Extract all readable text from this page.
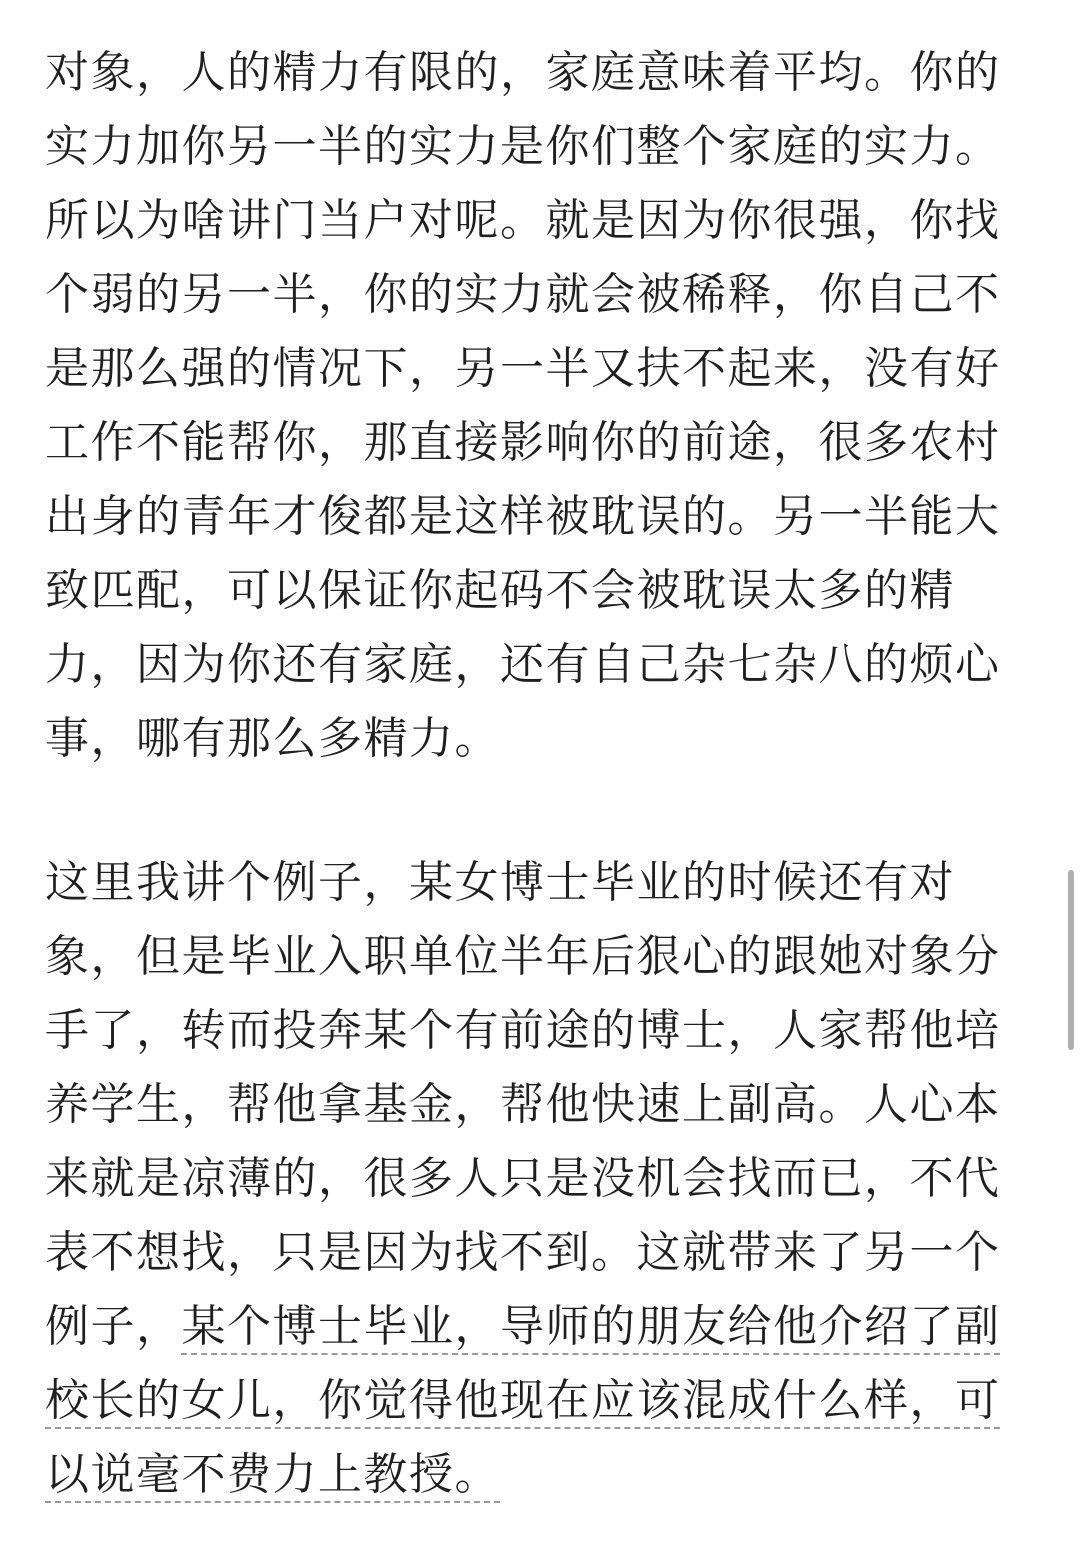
对象，人的精力有限的，家庭意味着平均。你的
实力加你另一半的实力是你们整个家庭的实力。
所以为啥讲门当户对呢。就是因为你很强，你找
个弱的另一半，你的实力就会被稀释，你自己不
是那么强的情况下，另一半又扶不起来，没有好
工作不能帮你，那直接影响你的前途，很多农村
出身的青年才俊都是这样被耽误的。另一半能大
致匹配，可以保证你起码不会被耽误太多的精
力，因为你还有家庭，还有自己杂七杂八的烦心
事，哪有那么多精力。
这里我讲个例子，某女博士毕业的时候还有对
象，但是毕业入职单位半年后狠心的跟她对象分
手了，转而投奔某个有前途的博士，人家帮他培
养学生，帮他拿基金，帮他快速上副高。人心本
来就是凉薄的，很多人只是没机会找而已，不代
表不想找，只是因为找不到。这就带来了另一个
例子，某个博士毕业，导师的朋友给他介绍了副
校长的女儿，你觉得他现在应该混成什么样，可
以说毫不费力上教授。
